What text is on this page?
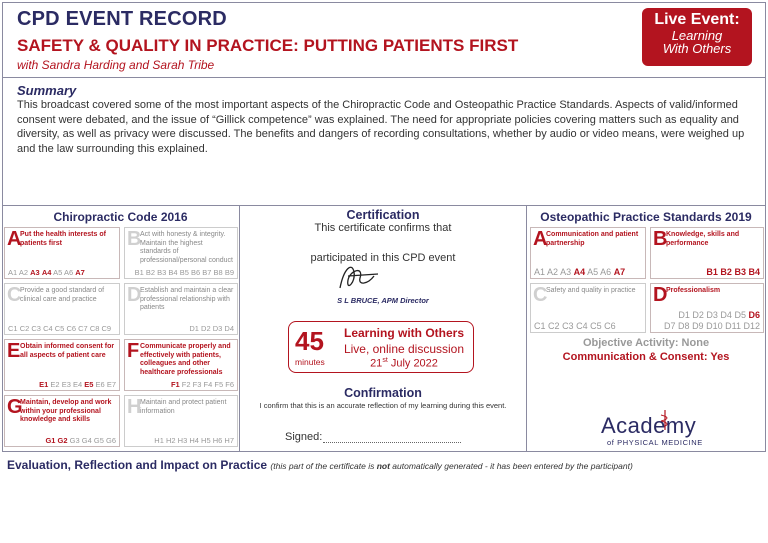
CPD EVENT RECORD
SAFETY & QUALITY IN PRACTICE: PUTTING PATIENTS FIRST
with Sandra Harding and Sarah Tribe
Live Event:
Learning
With Others
Summary
This broadcast covered some of the most important aspects of the Chiropractic Code and Osteopathic Practice Standards. Aspects of valid/informed consent were debated, and the issue of “Gillick competence” was explained. The need for appropriate policies covering matters such as equality and diversity, as well as privacy were discussed. The benefits and dangers of recording consultations, whether by audio or video means, were weighed up and the law surrounding this explained.
Chiropractic Code 2016
A
Put the health interests of patients first
A1 A2 A3 A4 A5 A6 A7
B
Act with honesty & integrity. Maintain the highest standards of professional/personal conduct
B1 B2 B3 B4 B5 B6 B7 B8 B9
C
Provide a good standard of clinical care and practice
C1 C2 C3 C4 C5 C6 C7 C8 C9
D
Establish and maintain a clear professional relationship with patients
D1 D2 D3 D4
E Obtain informed consent for all aspects of patient care
E1 E2 E3 E4 E5 E6 E7
F Communicate properly and effectively with patients, colleagues and other healthcare professionals
F1 F2 F3 F4 F5 F6
G
Maintain, develop and work within your professional knowledge and skills
G1 G2 G3 G4 G5 G6
H
Maintain and protect patient information
H1 H2 H3 H4 H5 H6 H7
Certification
This certificate confirms that
participated in this CPD event
S L BRUCE, APM Director
45
minutes
Learning with Others
Live, online discussion
21st July 2022
Confirmation
I confirm that this is an accurate reflection of my learning during this event.
Signed:
Osteopathic Practice Standards 2019
A
Communication and patient partnership
A1 A2 A3 A4 A5 A6 A7
B
Knowledge, skills and performance
B1 B2 B3 B4
C
Safety and quality in practice
C1 C2 C3 C4 C5 C6
D
Professionalism
D1 D2 D3 D4 D5 D6
D7 D8 D9 D10 D11 D12
Objective Activity: None
Communication & Consent: Yes
Academy
of PHYSICAL MEDICINE
Evaluation, Reflection and Impact on Practice (this part of the certificate is not automatically generated - it has been entered by the participant)
